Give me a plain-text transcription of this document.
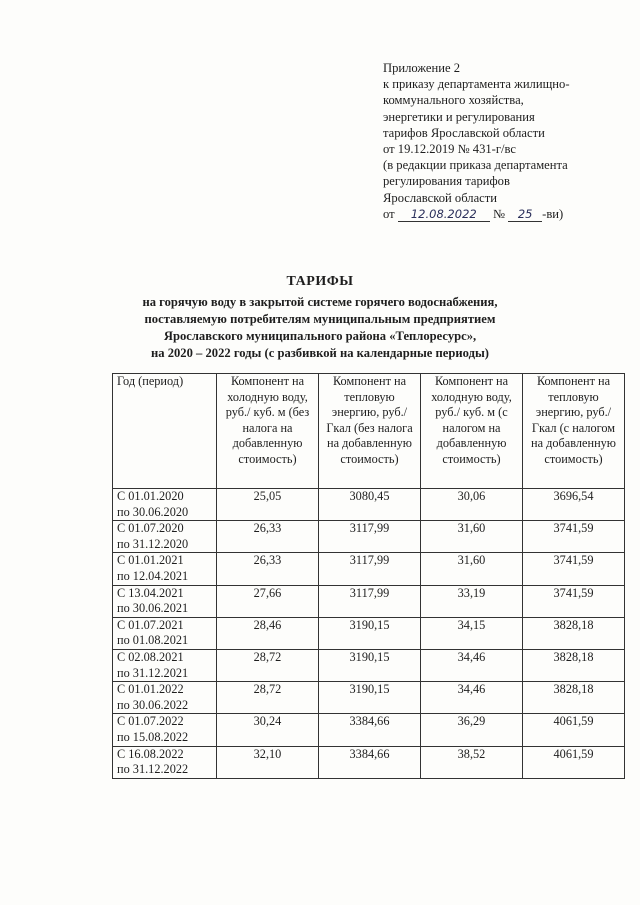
Приложение 2
к приказу департамента жилищно-
коммунального хозяйства,
энергетики и регулирования
тарифов Ярославской области
от 19.12.2019 № 431-г/вс
(в редакции приказа департамента
регулирования тарифов
Ярославской области
от 12.08.2022 № 25 -ви)
ТАРИФЫ
на горячую воду в закрытой системе горячего водоснабжения,
поставляемую потребителям муниципальным предприятием
Ярославского муниципального района «Теплоресурс»,
на 2020 – 2022 годы (с разбивкой на календарные периоды)
Год (период)	Компонент на холодную воду, руб./ куб. м (без налога на добавленную стоимость)	Компонент на тепловую энергию, руб./Гкал (без налога на добавленную стоимость)	Компонент на холодную воду, руб./ куб. м (с налогом на добавленную стоимость)	Компонент на тепловую энергию, руб./Гкал (с налогом на добавленную стоимость)
С 01.01.2020
по 30.06.2020	25,05	3080,45	30,06	3696,54
С 01.07.2020
по 31.12.2020	26,33	3117,99	31,60	3741,59
С 01.01.2021
по 12.04.2021	26,33	3117,99	31,60	3741,59
С 13.04.2021
по 30.06.2021	27,66	3117,99	33,19	3741,59
С 01.07.2021
по 01.08.2021	28,46	3190,15	34,15	3828,18
С 02.08.2021
по 31.12.2021	28,72	3190,15	34,46	3828,18
С 01.01.2022
по 30.06.2022	28,72	3190,15	34,46	3828,18
С 01.07.2022
по 15.08.2022	30,24	3384,66	36,29	4061,59
С 16.08.2022
по 31.12.2022	32,10	3384,66	38,52	4061,59
